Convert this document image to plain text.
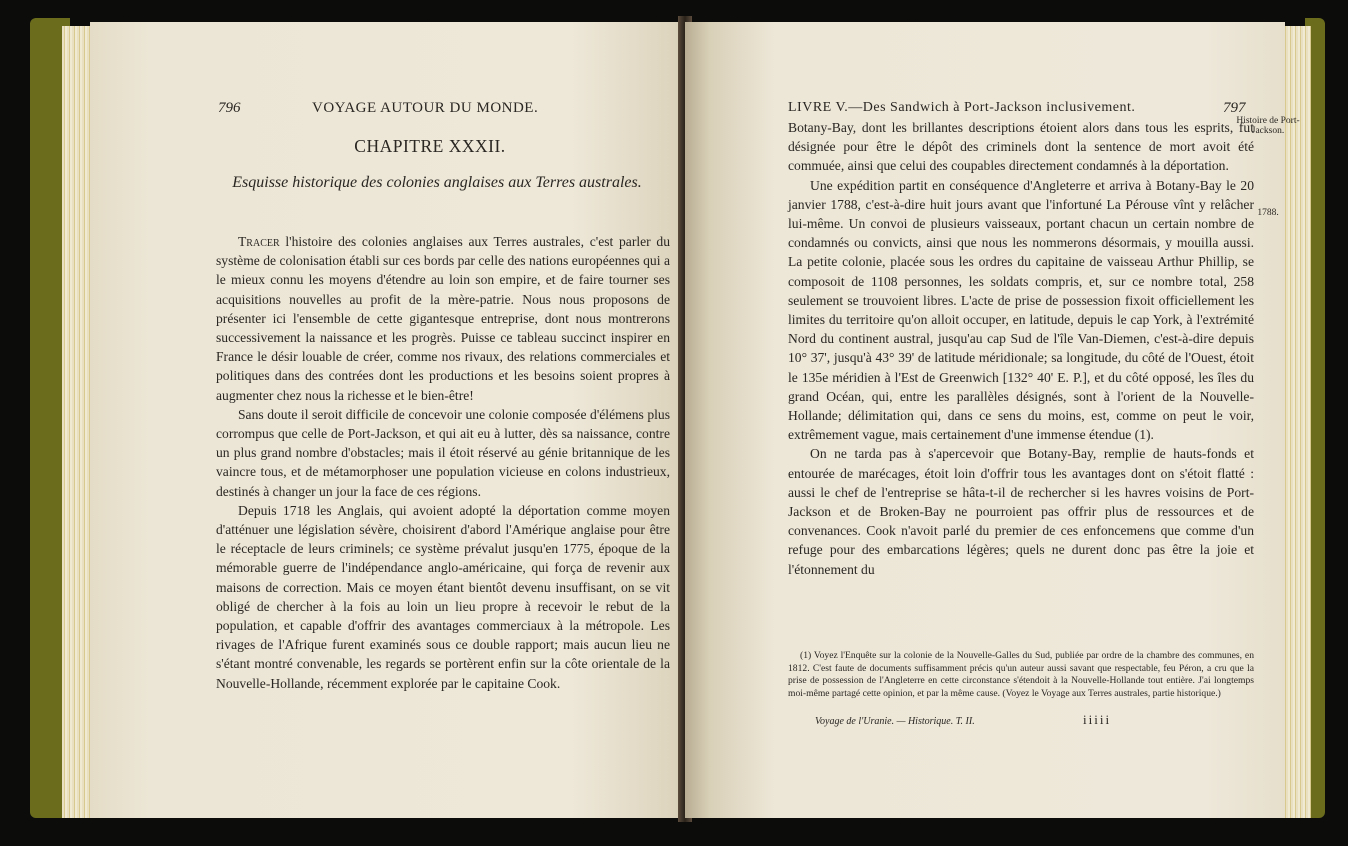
796	VOYAGE AUTOUR DU MONDE.
CHAPITRE XXXII.
Esquisse historique des colonies anglaises aux Terres australes.

Tracer l'histoire des colonies anglaises aux Terres australes, c'est parler du système de colonisation établi sur ces bords par celle des nations européennes qui a le mieux connu les moyens d'étendre au loin son empire, et de faire tourner ses acquisitions nouvelles au profit de la mère-patrie. Nous nous proposons de présenter ici l'ensemble de cette gigantesque entreprise, dont nous montrerons successivement la naissance et les progrès. Puisse ce tableau succinct inspirer en France le désir louable de créer, comme nos rivaux, des relations commerciales et politiques dans des contrées dont les productions et les besoins soient propres à augmenter chez nous la richesse et le bien-être!

Sans doute il seroit difficile de concevoir une colonie composée d'élémens plus corrompus que celle de Port-Jackson, et qui ait eu à lutter, dès sa naissance, contre un plus grand nombre d'obstacles; mais il étoit réservé au génie britannique de les vaincre tous, et de métamorphoser une population vicieuse en colons industrieux, destinés à changer un jour la face de ces régions.

Depuis 1718 les Anglais, qui avoient adopté la déportation comme moyen d'atténuer une législation sévère, choisirent d'abord l'Amérique anglaise pour être le réceptacle de leurs criminels; ce système prévalut jusqu'en 1775, époque de la mémorable guerre de l'indépendance anglo-américaine, qui força de revenir aux maisons de correction. Mais ce moyen étant bientôt devenu insuffisant, on se vit obligé de chercher à la fois au loin un lieu propre à recevoir le rebut de la population, et capable d'offrir des avantages commerciaux à la métropole. Les rivages de l'Afrique furent examinés sous ce double rapport; mais aucun lieu ne s'étant montré convenable, les regards se portèrent enfin sur la côte orientale de la Nouvelle-Hollande, récemment explorée par le capitaine Cook.

LIVRE V.—Des Sandwich à Port-Jackson inclusivement.	797
Histoire de Port-Jackson.
1788.

Botany-Bay, dont les brillantes descriptions étoient alors dans tous les esprits, fut désignée pour être le dépôt des criminels dont la sentence de mort avoit été commuée, ainsi que celui des coupables directement condamnés à la déportation.

Une expédition partit en conséquence d'Angleterre et arriva à Botany-Bay le 20 janvier 1788, c'est-à-dire huit jours avant que l'infortuné La Pérouse vînt y relâcher lui-même. Un convoi de plusieurs vaisseaux, portant chacun un certain nombre de condamnés ou convicts, ainsi que nous les nommerons désormais, y mouilla aussi. La petite colonie, placée sous les ordres du capitaine de vaisseau Arthur Phillip, se composoit de 1108 personnes, les soldats compris, et, sur ce nombre total, 258 seulement se trouvoient libres. L'acte de prise de possession fixoit officiellement les limites du territoire qu'on alloit occuper, en latitude, depuis le cap York, à l'extrémité Nord du continent austral, jusqu'au cap Sud de l'île Van-Diemen, c'est-à-dire depuis 10° 37', jusqu'à 43° 39' de latitude méridionale; sa longitude, du côté de l'Ouest, étoit le 135e méridien à l'Est de Greenwich [132° 40' E. P.], et du côté opposé, les îles du grand Océan, qui, entre les parallèles désignés, sont à l'orient de la Nouvelle-Hollande; délimitation qui, dans ce sens du moins, est, comme on peut le voir, extrêmement vague, mais certainement d'une immense étendue (1).

On ne tarda pas à s'apercevoir que Botany-Bay, remplie de hauts-fonds et entourée de marécages, étoit loin d'offrir tous les avantages dont on s'étoit flatté : aussi le chef de l'entreprise se hâta-t-il de rechercher si les havres voisins de Port-Jackson et de Broken-Bay ne pourroient pas offrir plus de ressources et de convenances. Cook n'avoit parlé du premier de ces enfoncemens que comme d'un refuge pour des embarcations légères; quels ne durent donc pas être la joie et l'étonnement du

(1) Voyez l'Enquête sur la colonie de la Nouvelle-Galles du Sud, publiée par ordre de la chambre des communes, en 1812. C'est faute de documents suffisamment précis qu'un auteur aussi savant que respectable, feu Péron, a cru que la prise de possession de l'Angleterre en cette circonstance s'étendoit à la Nouvelle-Hollande tout entière. J'ai longtemps moi-même partagé cette opinion, et par la même cause. (Voyez le Voyage aux Terres australes, partie historique.)

Voyage de l'Uranie. — Historique. T. II.	iiiii
